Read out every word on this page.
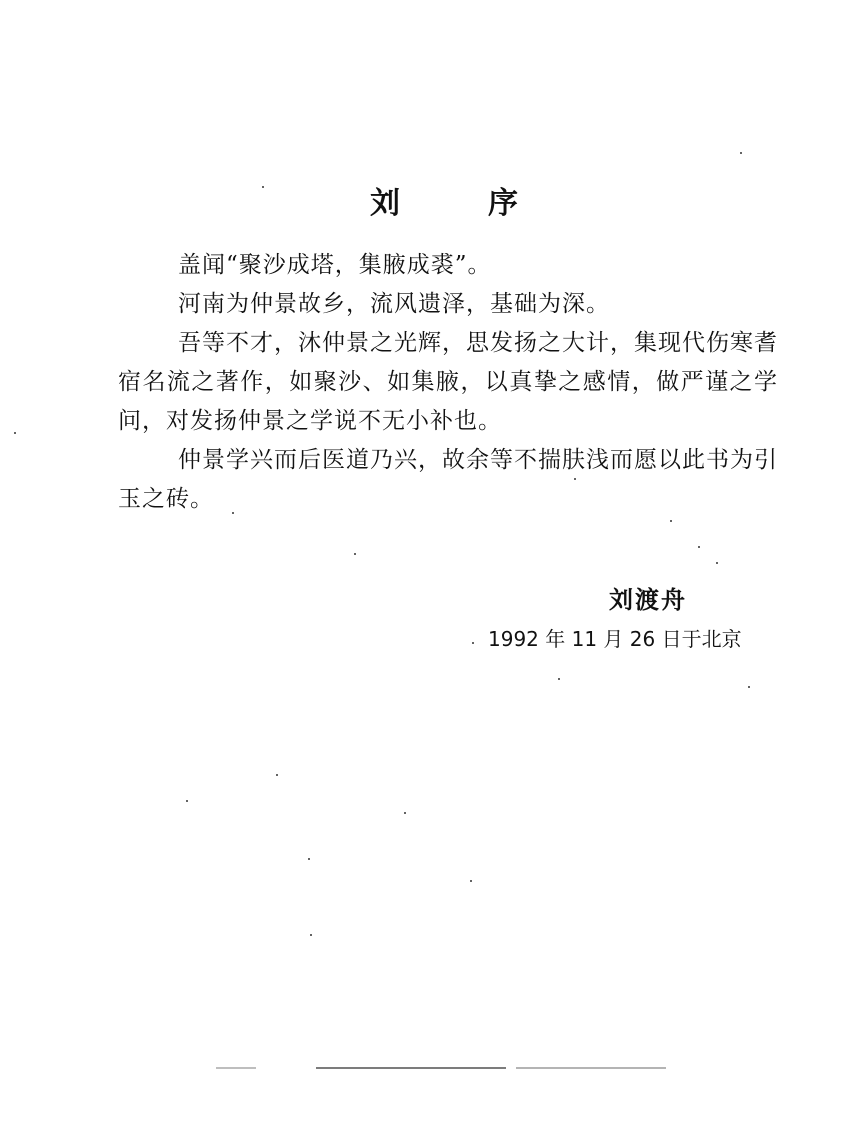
刘	序
盖闻“聚沙成塔，集腋成裘”。
河南为仲景故乡，流风遗泽，基础为深。
吾等不才，沐仲景之光辉，思发扬之大计，集现代伤寒耆宿名流之著作，如聚沙、如集腋，以真挚之感情，做严谨之学问，对发扬仲景之学说不无小补也。
仲景学兴而后医道乃兴，故余等不揣肤浅而愿以此书为引玉之砖。
刘渡舟
1992 年 11 月 26 日于北京
